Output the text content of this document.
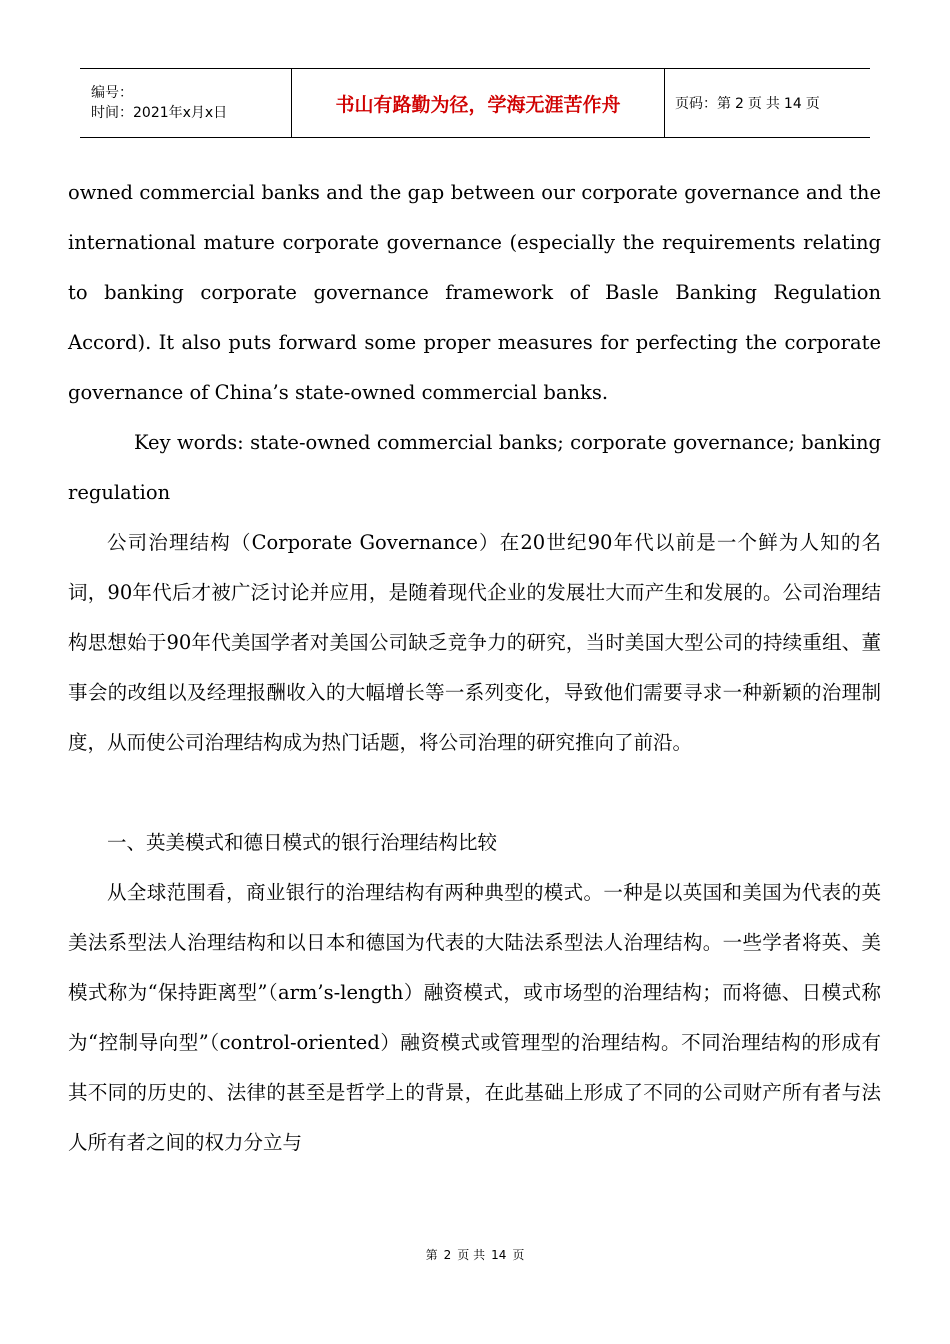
编号：
时间：2021年x月x日	书山有路勤为径，学海无涯苦作舟	页码：第 2 页 共 14 页

owned commercial banks and the gap between our corporate governance and the international mature corporate governance (especially the requirements relating to banking corporate governance framework of Basle Banking Regulation Accord). It also puts forward some proper measures for perfecting the corporate governance of China’s state-owned commercial banks.

Key words: state-owned commercial banks; corporate governance; banking regulation

公司治理结构（Corporate Governance）在20世纪90年代以前是一个鲜为人知的名词，90年代后才被广泛讨论并应用，是随着现代企业的发展壮大而产生和发展的。公司治理结构思想始于90年代美国学者对美国公司缺乏竞争力的研究，当时美国大型公司的持续重组、董事会的改组以及经理报酬收入的大幅增长等一系列变化，导致他们需要寻求一种新颖的治理制度，从而使公司治理结构成为热门话题，将公司治理的研究推向了前沿。

一、英美模式和德日模式的银行治理结构比较

从全球范围看，商业银行的治理结构有两种典型的模式。一种是以英国和美国为代表的英美法系型法人治理结构和以日本和德国为代表的大陆法系型法人治理结构。一些学者将英、美模式称为“保持距离型”（arm’s-length）融资模式，或市场型的治理结构；而将德、日模式称为“控制导向型”（control-oriented）融资模式或管理型的治理结构。不同治理结构的形成有其不同的历史的、法律的甚至是哲学上的背景，在此基础上形成了不同的公司财产所有者与法人所有者之间的权力分立与

第 2 页 共 14 页
